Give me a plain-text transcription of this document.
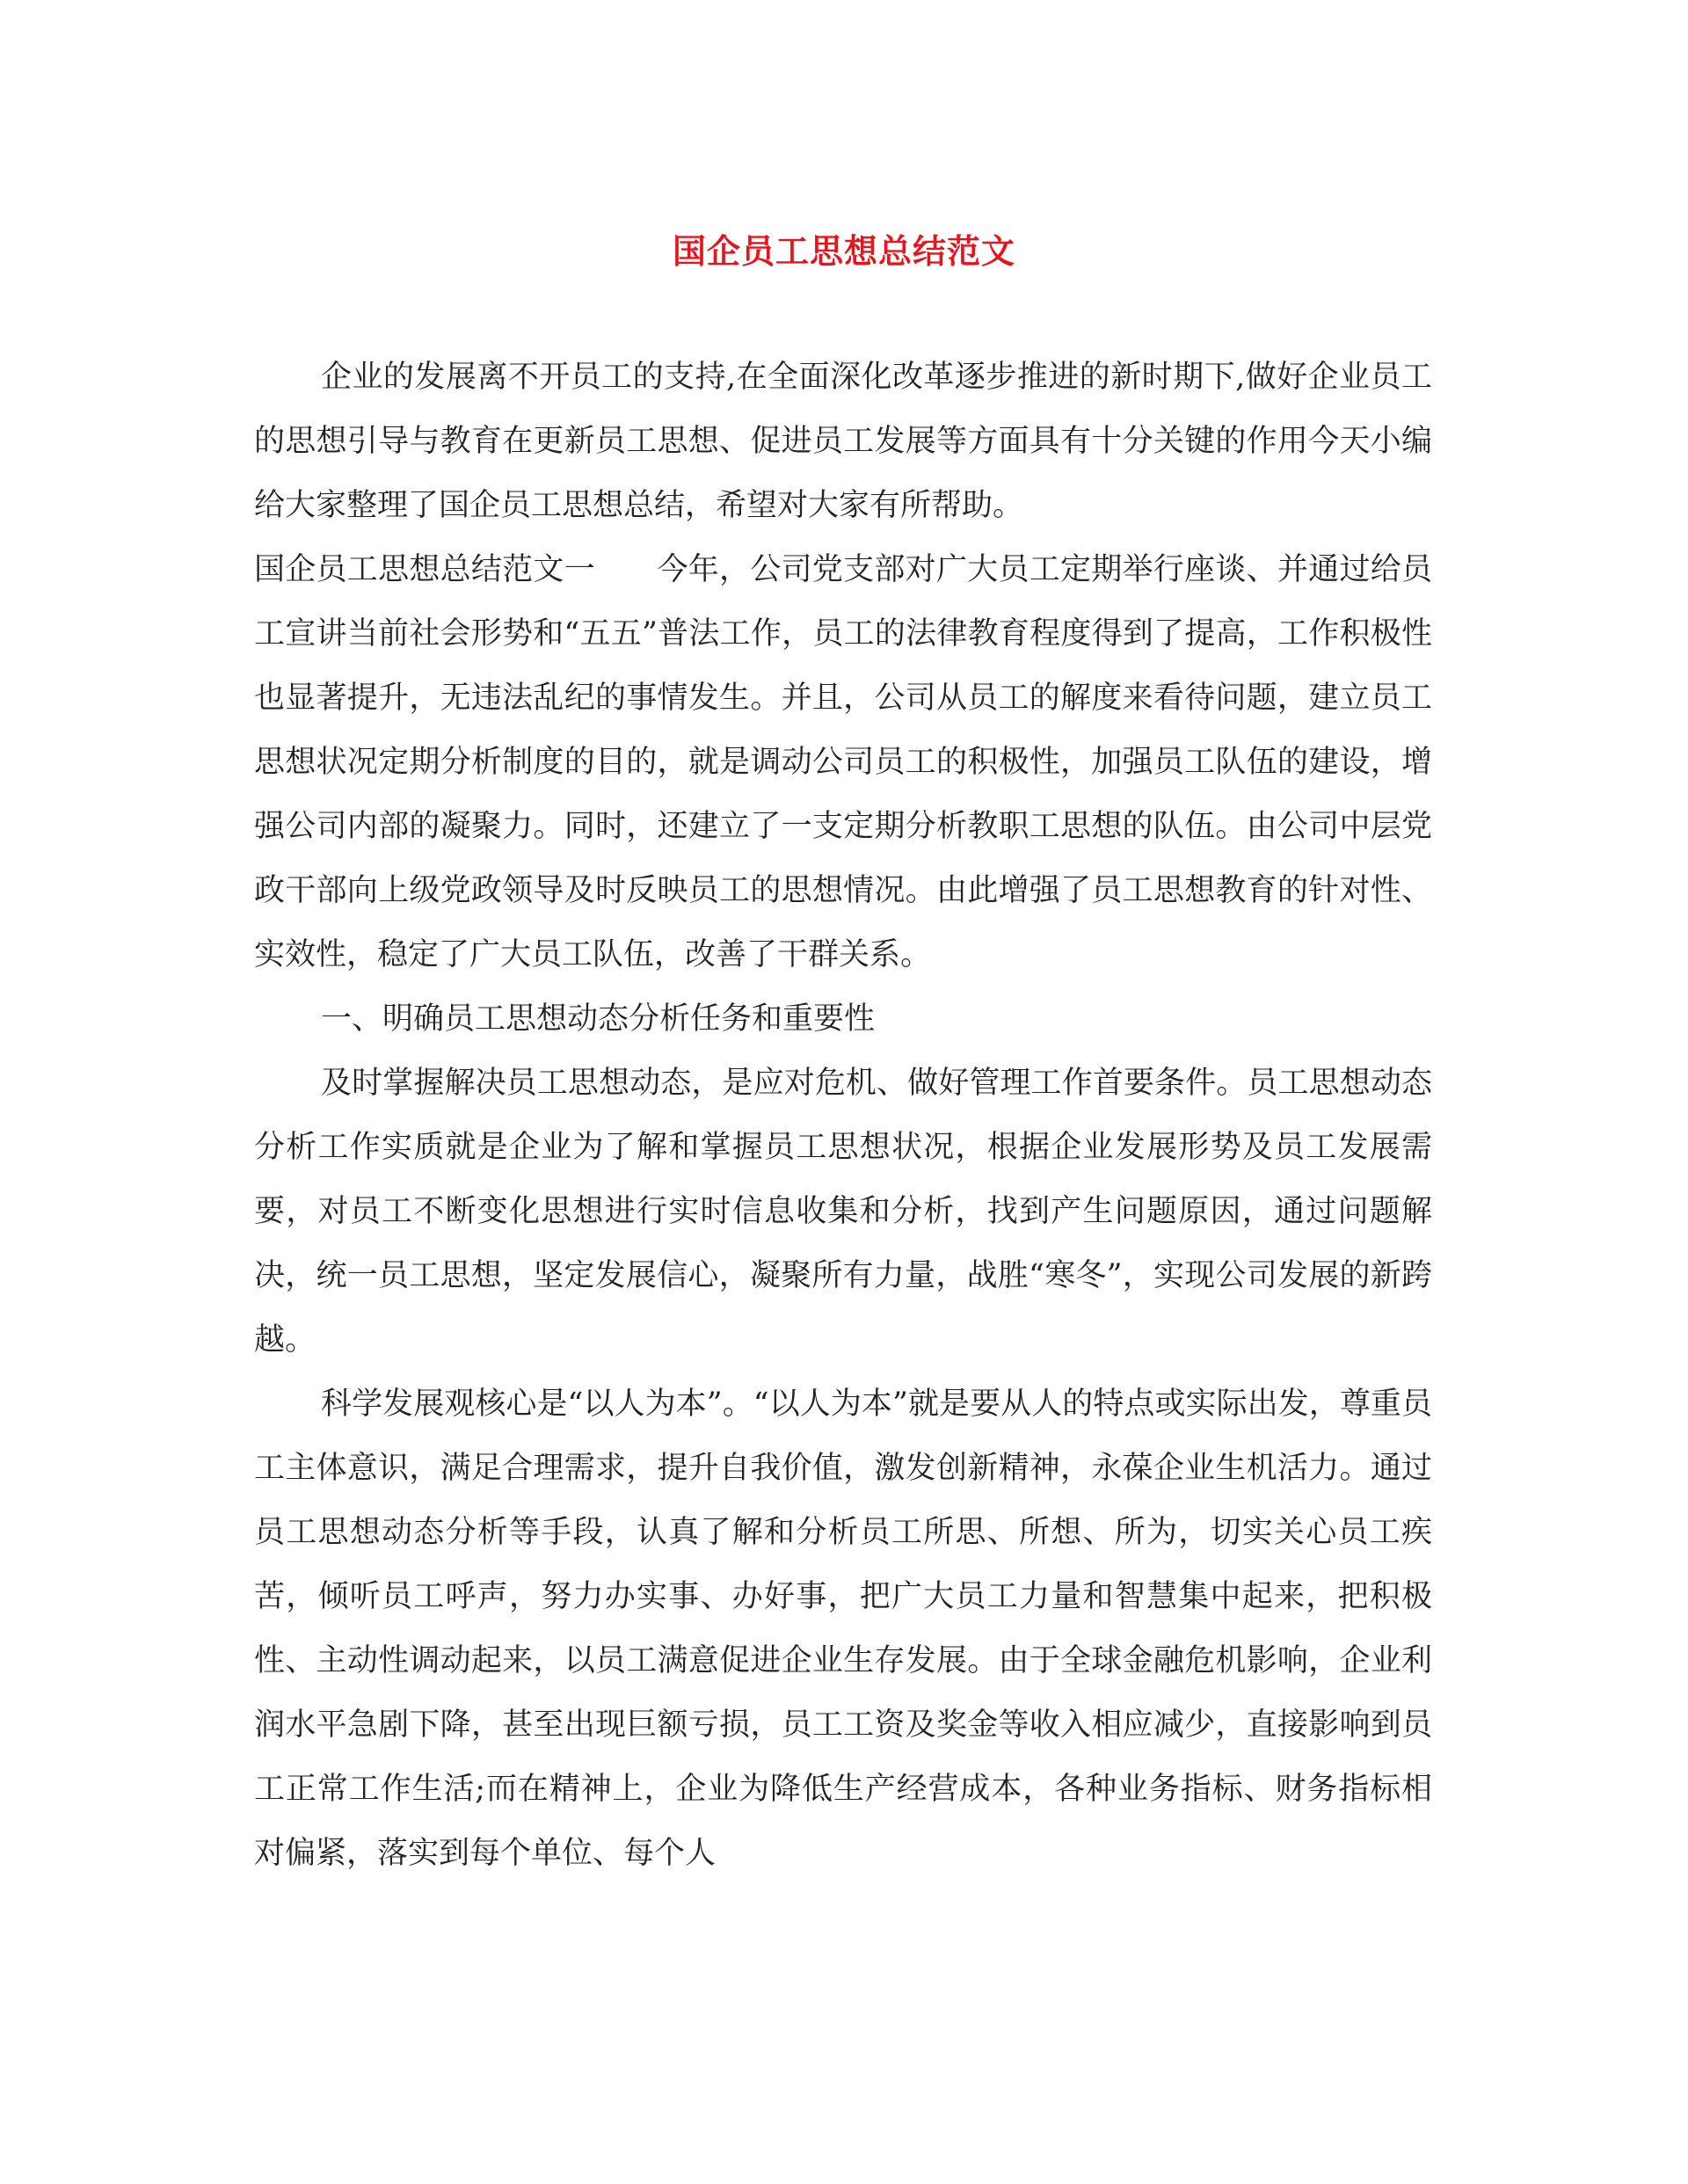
国企员工思想总结范文

企业的发展离不开员工的支持,在全面深化改革逐步推进的新时期下,做好企业员工的思想引导与教育在更新员工思想、促进员工发展等方面具有十分关键的作用今天小编给大家整理了国企员工思想总结，希望对大家有所帮助。

国企员工思想总结范文一　　今年，公司党支部对广大员工定期举行座谈、并通过给员工宣讲当前社会形势和“五五”普法工作，员工的法律教育程度得到了提高，工作积极性也显著提升，无违法乱纪的事情发生。并且，公司从员工的解度来看待问题，建立员工思想状况定期分析制度的目的，就是调动公司员工的积极性，加强员工队伍的建设，增强公司内部的凝聚力。同时，还建立了一支定期分析教职工思想的队伍。由公司中层党政干部向上级党政领导及时反映员工的思想情况。由此增强了员工思想教育的针对性、实效性，稳定了广大员工队伍，改善了干群关系。

一、明确员工思想动态分析任务和重要性

及时掌握解决员工思想动态，是应对危机、做好管理工作首要条件。员工思想动态分析工作实质就是企业为了解和掌握员工思想状况，根据企业发展形势及员工发展需要，对员工不断变化思想进行实时信息收集和分析，找到产生问题原因，通过问题解决，统一员工思想，坚定发展信心，凝聚所有力量，战胜“寒冬”，实现公司发展的新跨越。

科学发展观核心是“以人为本”。“以人为本”就是要从人的特点或实际出发，尊重员工主体意识，满足合理需求，提升自我价值，激发创新精神，永葆企业生机活力。通过员工思想动态分析等手段，认真了解和分析员工所思、所想、所为，切实关心员工疾苦，倾听员工呼声，努力办实事、办好事，把广大员工力量和智慧集中起来，把积极性、主动性调动起来，以员工满意促进企业生存发展。由于全球金融危机影响，企业利润水平急剧下降，甚至出现巨额亏损，员工工资及奖金等收入相应减少，直接影响到员工正常工作生活;而在精神上，企业为降低生产经营成本，各种业务指标、财务指标相对偏紧，落实到每个单位、每个人
